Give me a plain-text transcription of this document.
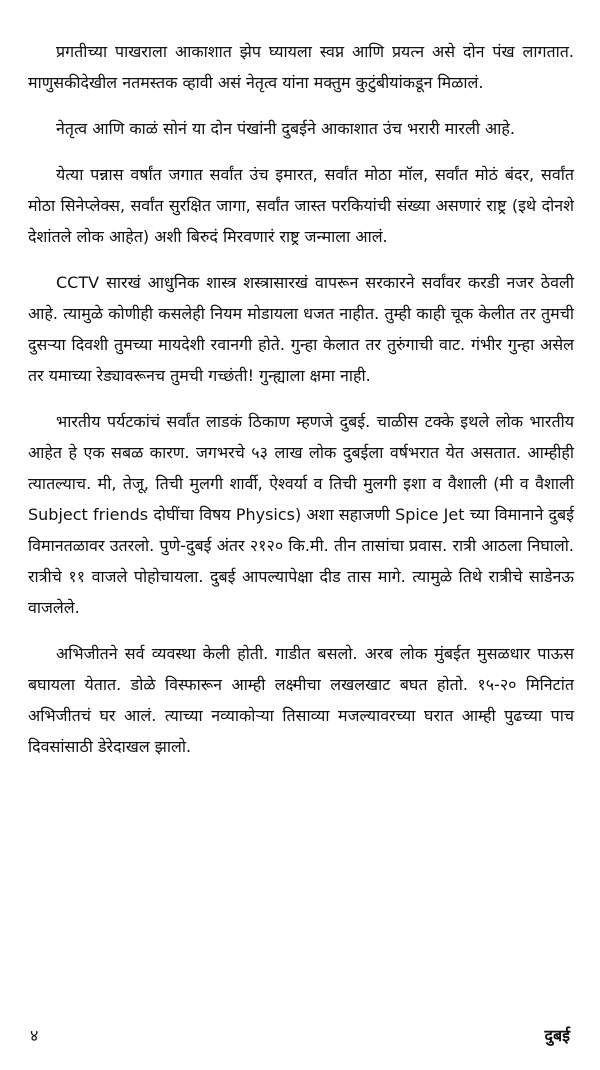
प्रगतीच्या पाखराला आकाशात झेप घ्यायला स्वप्न आणि प्रयत्न असे दोन पंख लागतात. माणुसकीदेखील नतमस्तक व्हावी असं नेतृत्व यांना मक्तुम कुटुंबीयांकडून मिळालं.

नेतृत्व आणि काळं सोनं या दोन पंखांनी दुबईने आकाशात उंच भरारी मारली आहे.

येत्या पन्नास वर्षांत जगात सर्वांत उंच इमारत, सर्वांत मोठा मॉल, सर्वांत मोठं बंदर, सर्वांत मोठा सिनेप्लेक्स, सर्वांत सुरक्षित जागा, सर्वांत जास्त परकियांची संख्या असणारं राष्ट्र (इथे दोनशे देशांतले लोक आहेत) अशी बिरुदं मिरवणारं राष्ट्र जन्माला आलं.

CCTV सारखं आधुनिक शास्त्र शस्त्रासारखं वापरून सरकारने सर्वांवर करडी नजर ठेवली आहे. त्यामुळे कोणीही कसलेही नियम मोडायला धजत नाहीत. तुम्ही काही चूक केलीत तर तुमची दुसऱ्या दिवशी तुमच्या मायदेशी रवानगी होते. गुन्हा केलात तर तुरुंगाची वाट. गंभीर गुन्हा असेल तर यमाच्या रेड्यावरूनच तुमची गच्छंती! गुन्ह्याला क्षमा नाही.

भारतीय पर्यटकांचं सर्वांत लाडकं ठिकाण म्हणजे दुबई. चाळीस टक्के इथले लोक भारतीय आहेत हे एक सबळ कारण. जगभरचे ५३ लाख लोक दुबईला वर्षभरात येत असतात. आम्हीही त्यातल्याच. मी, तेजू, तिची मुलगी शार्वी, ऐश्वर्या व तिची मुलगी इशा व वैशाली (मी व वैशाली Subject friends दोघींचा विषय Physics) अशा सहाजणी Spice Jet च्या विमानाने दुबई विमानतळावर उतरलो. पुणे-दुबई अंतर २१२० कि.मी. तीन तासांचा प्रवास. रात्री आठला निघालो. रात्रीचे ११ वाजले पोहोचायला. दुबई आपल्यापेक्षा दीड तास मागे. त्यामुळे तिथे रात्रीचे साडेनऊ वाजलेले.

अभिजीतने सर्व व्यवस्था केली होती. गाडीत बसलो. अरब लोक मुंबईत मुसळधार पाऊस बघायला येतात. डोळे विस्फारून आम्ही लक्ष्मीचा लखलखाट बघत होतो. १५-२० मिनिटांत अभिजीतचं घर आलं. त्याच्या नव्याकोऱ्या तिसाव्या मजल्यावरच्या घरात आम्ही पुढच्या पाच दिवसांसाठी डेरेदाखल झालो.

४	दुबई
